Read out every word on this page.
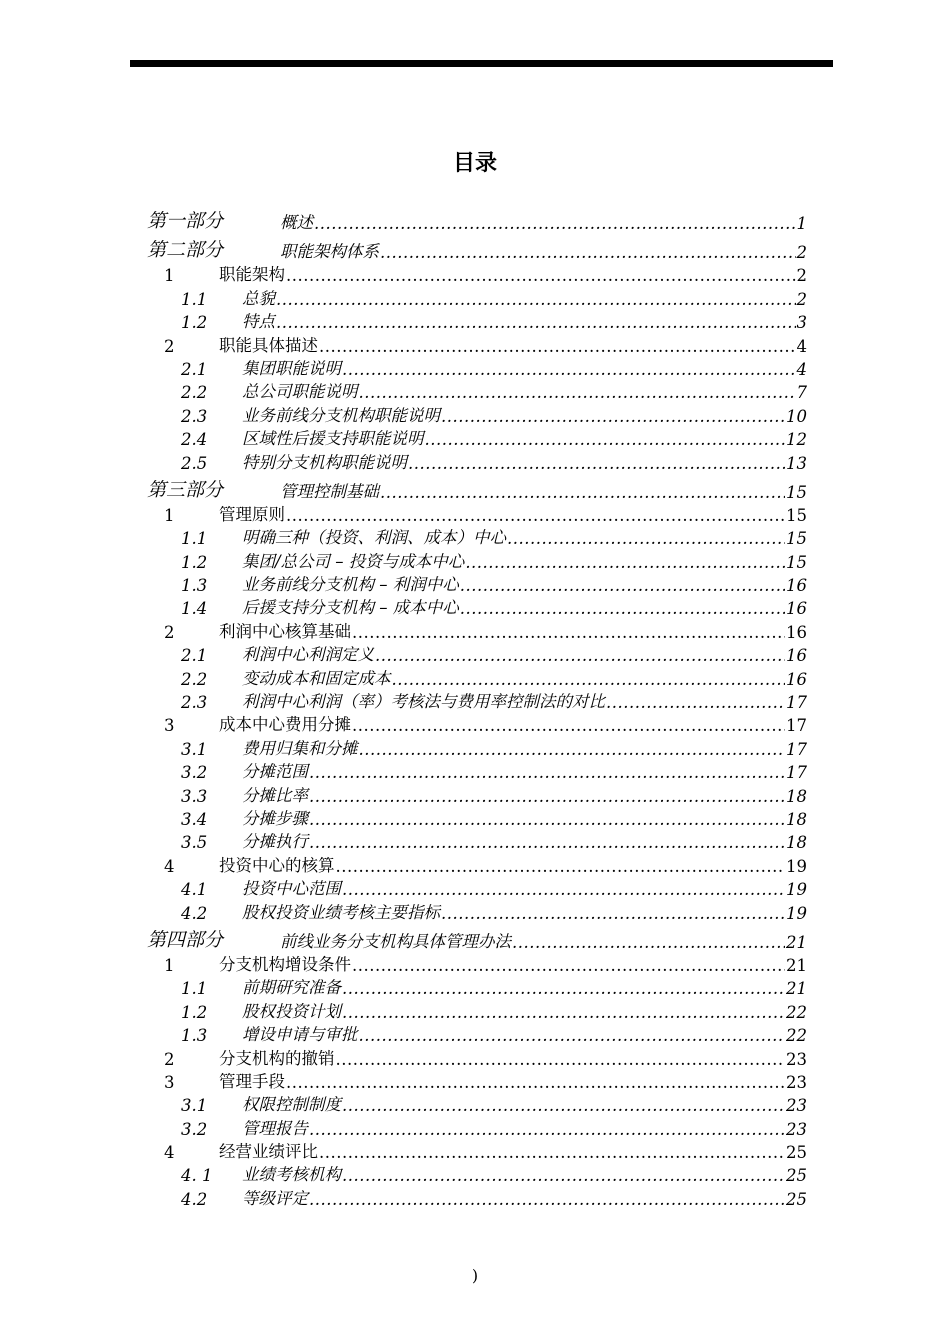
目录
第一部分	概述 .....	1
第二部分	职能架构体系 .....	2
1	职能架构 .....	2
1.1	总貌 .....	2
1.2	特点 .....	3
2	职能具体描述 .....	4
2.1	集团职能说明 .....	4
2.2	总公司职能说明 .....	7
2.3	业务前线分支机构职能说明 .....	10
2.4	区域性后援支持职能说明 .....	12
2.5	特别分支机构职能说明 .....	13
第三部分	管理控制基础 .....	15
1	管理原则 .....	15
1.1	明确三种（投资、利润、成本）中心 .....	15
1.2	集团/总公司 – 投资与成本中心 .....	15
1.3	业务前线分支机构 – 利润中心 .....	16
1.4	后援支持分支机构 – 成本中心 .....	16
2	利润中心核算基础 .....	16
2.1	利润中心利润定义 .....	16
2.2	变动成本和固定成本 .....	16
2.3	利润中心利润（率）考核法与费用率控制法的对比 .....	17
3	成本中心费用分摊 .....	17
3.1	费用归集和分摊 .....	17
3.2	分摊范围 .....	17
3.3	分摊比率 .....	18
3.4	分摊步骤 .....	18
3.5	分摊执行 .....	18
4	投资中心的核算 .....	19
4.1	投资中心范围 .....	19
4.2	股权投资业绩考核主要指标 .....	19
第四部分	前线业务分支机构具体管理办法 .....	21
1	分支机构增设条件 .....	21
1.1	前期研究准备 .....	21
1.2	股权投资计划 .....	22
1.3	增设申请与审批 .....	22
2	分支机构的撤销 .....	23
3	管理手段 .....	23
3.1	权限控制制度 .....	23
3.2	管理报告 .....	23
4	经营业绩评比 .....	25
4. 1	业绩考核机构 .....	25
4.2	等级评定 .....	25
)
